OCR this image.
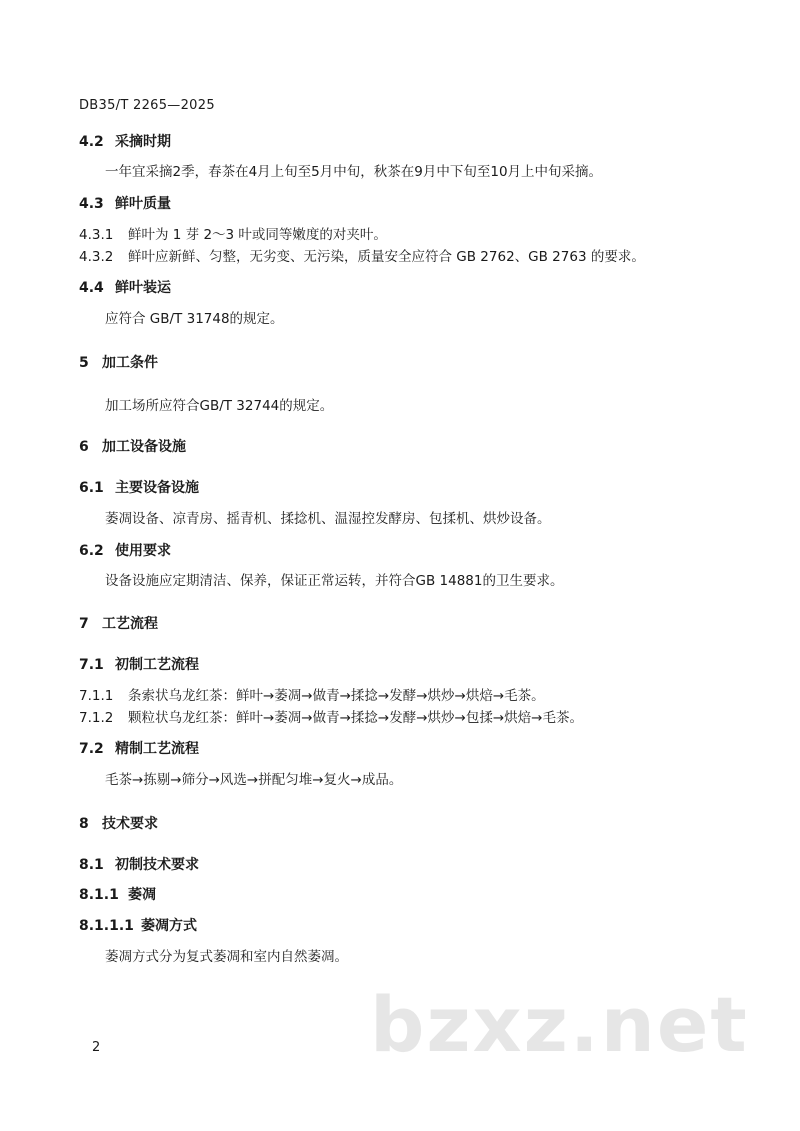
DB35/T 2265—2025
4.2 采摘时期
一年宜采摘2季，春茶在4月上旬至5月中旬，秋茶在9月中下旬至10月上中旬采摘。
4.3 鲜叶质量
4.3.1 鲜叶为 1 芽 2～3 叶或同等嫩度的对夹叶。
4.3.2 鲜叶应新鲜、匀整，无劣变、无污染，质量安全应符合 GB 2762、GB 2763 的要求。
4.4 鲜叶装运
应符合 GB/T 31748的规定。
5 加工条件
加工场所应符合GB/T 32744的规定。
6 加工设备设施
6.1 主要设备设施
萎凋设备、凉青房、摇青机、揉捻机、温湿控发酵房、包揉机、烘炒设备。
6.2 使用要求
设备设施应定期清洁、保养，保证正常运转，并符合GB 14881的卫生要求。
7 工艺流程
7.1 初制工艺流程
7.1.1 条索状乌龙红茶：鲜叶→萎凋→做青→揉捻→发酵→烘炒→烘焙→毛茶。
7.1.2 颗粒状乌龙红茶：鲜叶→萎凋→做青→揉捻→发酵→烘炒→包揉→烘焙→毛茶。
7.2 精制工艺流程
毛茶→拣剔→筛分→风选→拼配匀堆→复火→成品。
8 技术要求
8.1 初制技术要求
8.1.1 萎凋
8.1.1.1 萎凋方式
萎凋方式分为复式萎凋和室内自然萎凋。
bzxz.net
2
